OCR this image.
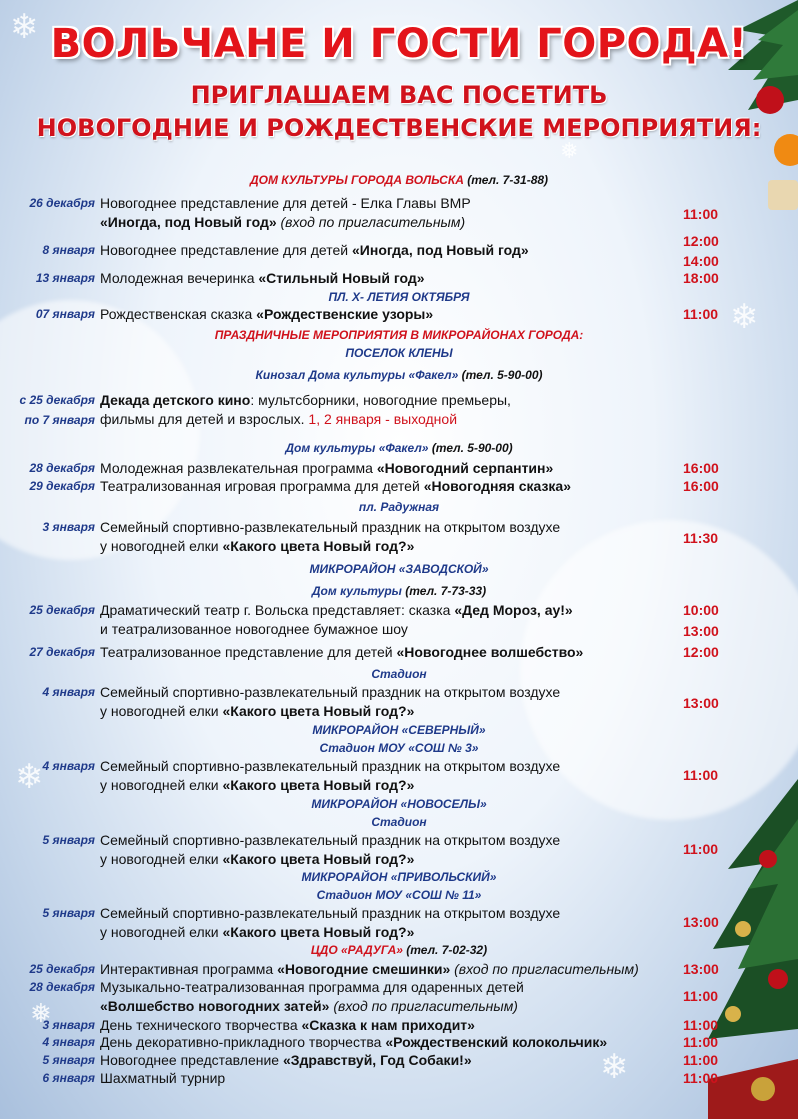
❄
❄
❄
❄
❅
❅
ВОЛЬЧАНЕ И ГОСТИ ГОРОДА!
ПРИГЛАШАЕМ ВАС ПОСЕТИТЬ
НОВОГОДНИЕ И РОЖДЕСТВЕНСКИЕ МЕРОПРИЯТИЯ:
ДОМ КУЛЬТУРЫ ГОРОДА ВОЛЬСКА (тел. 7-31-88)
26 декабря Новогоднее представление для детей - Елка Главы ВМР
«Иногда, под Новый год» (вход по пригласительным)	11:00
8 января Новогоднее представление для детей «Иногда, под Новый год»
12:00
14:00
13 января Молодежная вечеринка «Стильный Новый год»	18:00
ПЛ. Х- ЛЕТИЯ ОКТЯБРЯ
07 января Рождественская сказка «Рождественские узоры»	11:00
ПРАЗДНИЧНЫЕ МЕРОПРИЯТИЯ В МИКРОРАЙОНАХ ГОРОДА:
ПОСЕЛОК КЛЕНЫ
Кинозал Дома культуры «Факел» (тел. 5-90-00)
с 25 декабря
по 7 января
Декада детского кино: мультсборники, новогодние премьеры,
фильмы для детей и взрослых. 1, 2 января - выходной
Дом культуры «Факел» (тел. 5-90-00)
28 декабря Молодежная развлекательная программа «Новогодний серпантин»	16:00
29 декабря Театрализованная игровая программа для детей «Новогодняя сказка»	16:00
пл. Радужная
3 января Семейный спортивно-развлекательный праздник на открытом воздухе
у новогодней елки «Какого цвета Новый год?»	11:30
МИКРОРАЙОН «ЗАВОДСКОЙ»
Дом культуры (тел. 7-73-33)
25 декабря Драматический театр г. Вольска представляет: сказка «Дед Мороз, ау!»
и театрализованное новогоднее бумажное шоу
10:00
13:00
27 декабря Театрализованное представление для детей «Новогоднее волшебство»	12:00
Стадион
4 января Семейный спортивно-развлекательный праздник на открытом воздухе
у новогодней елки «Какого цвета Новый год?»	13:00
МИКРОРАЙОН «СЕВЕРНЫЙ»
Стадион МОУ «СОШ № 3»
4 января Семейный спортивно-развлекательный праздник на открытом воздухе
у новогодней елки «Какого цвета Новый год?»
11:00
МИКРОРАЙОН «НОВОСЕЛЫ»
Стадион
5 января Семейный спортивно-развлекательный праздник на открытом воздухе
у новогодней елки «Какого цвета Новый год?»
11:00
МИКРОРАЙОН «ПРИВОЛЬСКИЙ»
Стадион МОУ «СОШ № 11»
5 января Семейный спортивно-развлекательный праздник на открытом воздухе
у новогодней елки «Какого цвета Новый год?»
13:00
ЦДО «РАДУГА» (тел. 7-02-32)
25 декабря Интерактивная программа «Новогодние смешинки» (вход по пригласительным)	13:00
28 декабря Музыкально-театрализованная программа для одаренных детей
«Волшебство новогодних затей» (вход по пригласительным)
11:00
3 января День технического творчества «Сказка к нам приходит»	11:00
4 января День декоративно-прикладного творчества «Рождественский колокольчик»	11:00
5 января Новогоднее представление «Здравствуй, Год Собаки!»	11:00
6 января Шахматный турнир	11:00
